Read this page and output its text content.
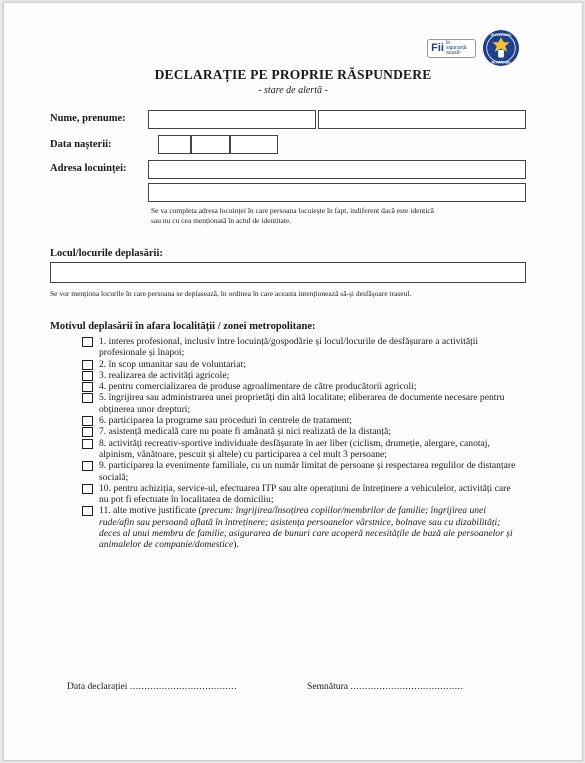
Fii în siguranță acasă!
GUVERNUL
ROMÂNIEI
DECLARAȚIE PE PROPRIE RĂSPUNDERE
- stare de alertă -
Nume, prenume:
Data nașterii:
Adresa locuinței:
Se va completa adresa locuinței în care persoana locuiește în fapt, indiferent dacă este identică
sau nu cu cea menționată în actul de identitate.
Locul/locurile deplasării:
Se vor menționa locurile în care persoana se deplasează, în ordinea în care aceasta intenționează să-și desfășoare traseul.
Motivul deplasării în afara localității / zonei metropolitane:
1. interes profesional, inclusiv între locuință/gospodărie și locul/locurile de desfășurare a activității profesionale și înapoi;
2. în scop umanitar sau de voluntariat;
3. realizarea de activități agricole;
4. pentru comercializarea de produse agroalimentare de către producătorii agricoli;
5. îngrijirea sau administrarea unei proprietăți din altă localitate; eliberarea de documente necesare pentru obținerea unor drepturi;
6. participarea la programe sau proceduri în centrele de tratament;
7. asistență medicală care nu poate fi amânată și nici realizată de la distanță;
8. activități recreativ-sportive individuale desfășurate în aer liber (ciclism, drumeție, alergare, canotaj, alpinism, vânătoare, pescuit și altele) cu participarea a cel mult 3 persoane;
9. participarea la evenimente familiale, cu un număr limitat de persoane și respectarea regulilor de distanțare socială;
10. pentru achiziția, service-ul, efectuarea ITP sau alte operațiuni de întreținere a vehiculelor, activități care nu pot fi efectuate în localitatea de domiciliu;
11. alte motive justificate (precum: îngrijirea/însoțirea copiilor/membrilor de familie; îngrijirea unei rude/afin sau persoană aflată în întreținere; asistența persoanelor vârstnice, bolnave sau cu dizabilități; deces al unui membru de familie, asigurarea de bunuri care acoperă necesitățile de bază ale persoanelor și animalelor de companie/domestice).
Data declarației .....................................	Semnătura .......................................
